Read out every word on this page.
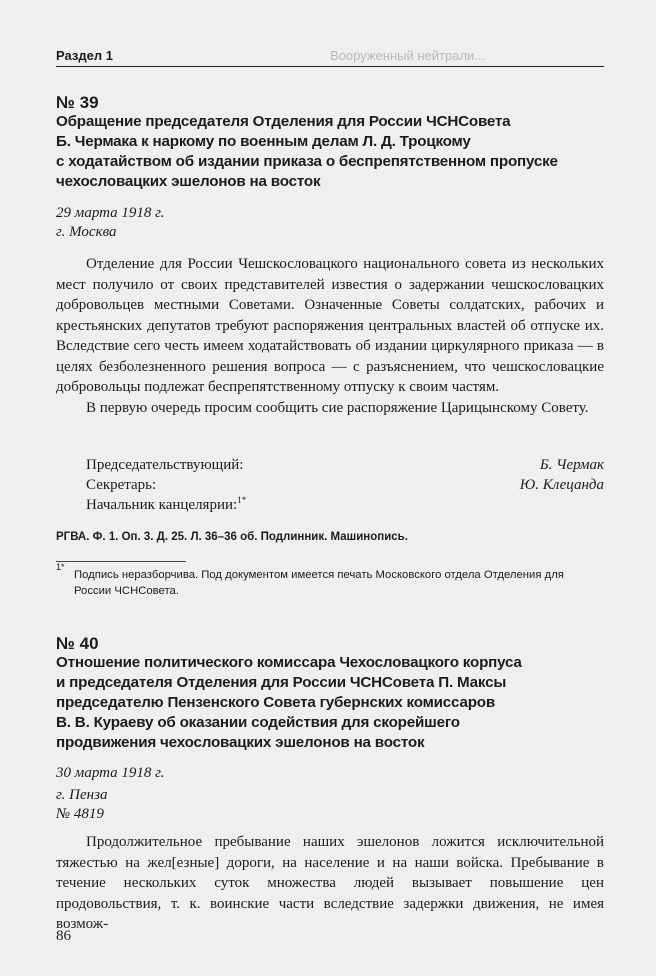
Вооруженный нейтрали...
Раздел 1
№ 39
Обращение председателя Отделения для России ЧСНСовета
Б. Чермака к наркому по военным делам Л. Д. Троцкому
с ходатайством об издании приказа о беспрепятственном пропуске
чехословацких эшелонов на восток
29 марта 1918 г.
г. Москва

Отделение для России Чешскословацкого национального совета из нескольких мест получило от своих представителей известия о задержании чешскословацких добровольцев местными Советами. Означенные Советы солдатских, рабочих и крестьянских депутатов требуют распоряжения центральных властей об отпуске их. Вследствие сего честь имеем ходатайствовать об издании циркулярного приказа — в целях безболезненного решения вопроса — с разъяснением, что чешскословацкие добровольцы подлежат беспрепятственному отпуску к своим частям.

В первую очередь просим сообщить сие распоряжение Царицынскому Совету.

Председательствующий:	Б. Чермак
Секретарь:	Ю. Клецанда
Начальник канцелярии:$^{1*}$
РГВА. Ф. 1. Оп. 3. Д. 25. Л. 36–36 об. Подлинник. Машинопись.
1*
Подпись неразборчива. Под документом имеется печать Московского отдела Отделения для России ЧСНСовета.
№ 40
Отношение политического комиссара Чехословацкого корпуса
и председателя Отделения для России ЧСНСовета П. Максы
председателю Пензенского Совета губернских комиссаров
В. В. Кураеву об оказании содействия для скорейшего
продвижения чехословацких эшелонов на восток
30 марта 1918 г.
г. Пенза
№ 4819

Продолжительное пребывание наших эшелонов ложится исключительной тяжестью на жел[езные] дороги, на население и на наши войска. Пребывание в течение нескольких суток множества людей вызывает повышение цен продовольствия, т. к. воинские части вследствие задержки движения, не имея возмож-

86
